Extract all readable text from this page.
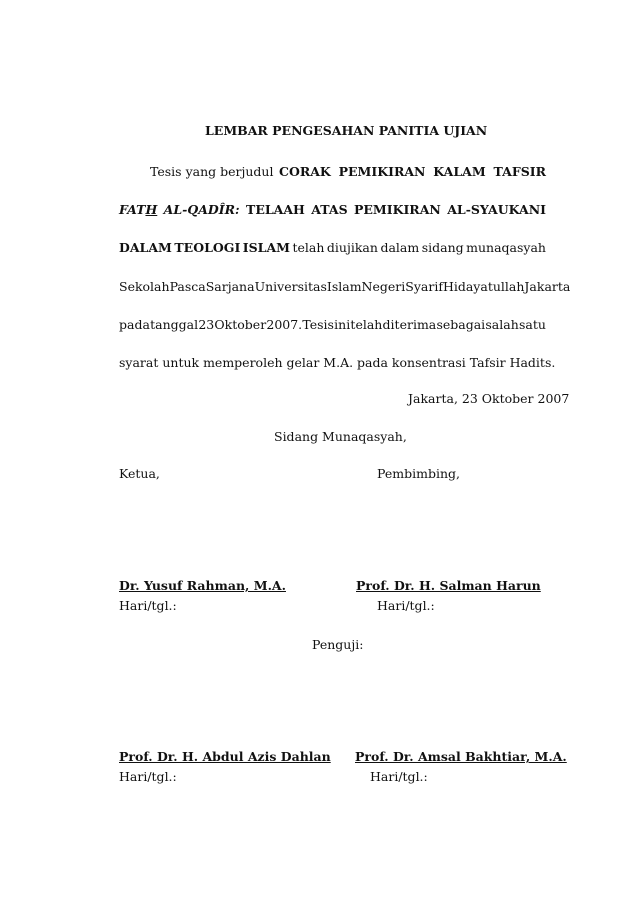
LEMBAR PENGESAHAN PANITIA UJIAN
Tesis yang berjudul CORAK PEMIKIRAN KALAM TAFSIR
FATH AL-QADÎR: TELAAH ATAS PEMIKIRAN AL-SYAUKANI
DALAM TEOLOGI ISLAM telah diujikan dalam sidang munaqasyah
Sekolah Pasca Sarjana Universitas Islam Negeri Syarif Hidayatullah Jakarta
pada tanggal 23 Oktober 2007. Tesis ini telah diterima sebagai salah satu
syarat untuk memperoleh gelar M.A. pada konsentrasi Tafsir Hadits.
Jakarta, 23 Oktober 2007
Sidang Munaqasyah,
Ketua,	Pembimbing,
Dr. Yusuf Rahman, M.A.	Prof. Dr. H. Salman Harun
Hari/tgl.:	Hari/tgl.:
Penguji:
Prof. Dr. H. Abdul Azis Dahlan Prof. Dr. Amsal Bakhtiar, M.A.
Hari/tgl.:	Hari/tgl.:
